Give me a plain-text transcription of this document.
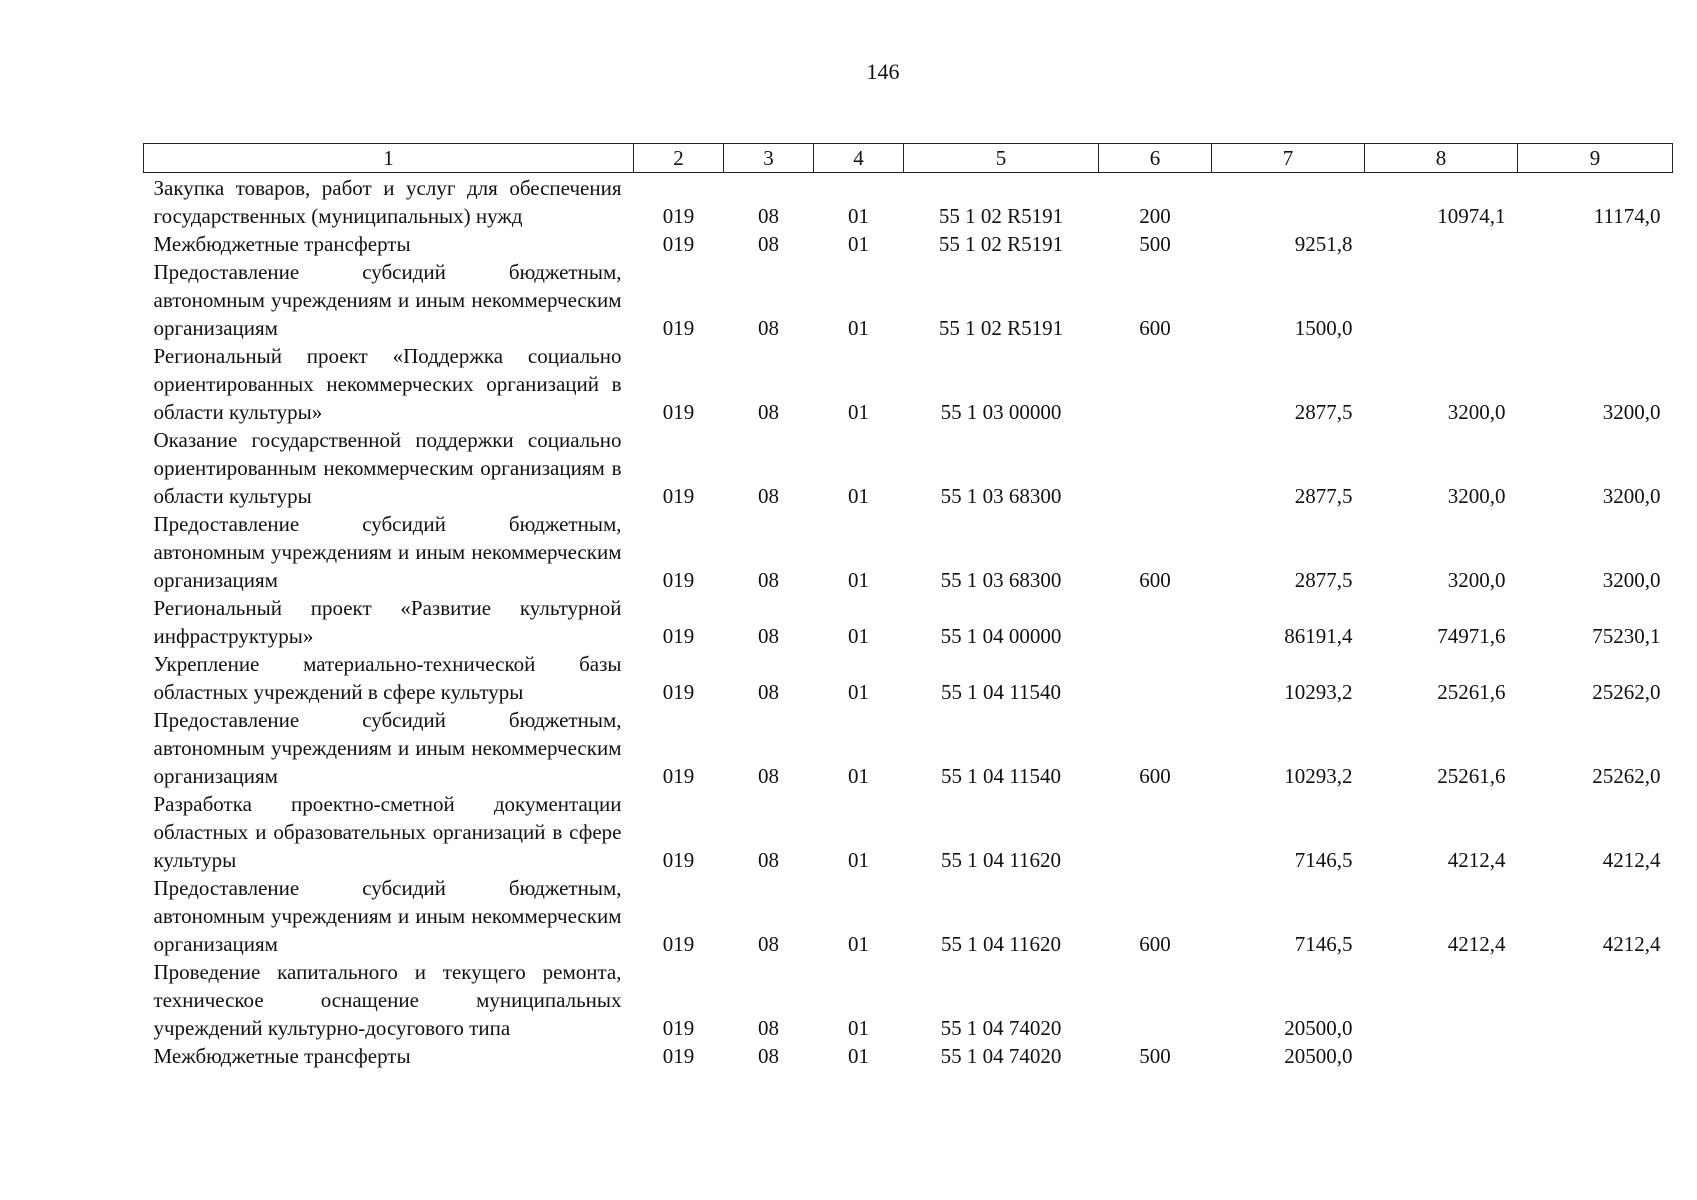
146
1	2	3	4	5	6	7	8	9
Закупка товаров, работ и услуг для обеспечения государственных (муниципальных) нужд	019	08	01	55 1 02 R5191	200		10974,1	11174,0
Межбюджетные трансферты	019	08	01	55 1 02 R5191	500	9251,8		
Предоставление субсидий бюджетным, автономным учреждениям и иным некоммерческим организациям	019	08	01	55 1 02 R5191	600	1500,0		
Региональный проект «Поддержка социально ориентированных некоммерческих организаций в области культуры»	019	08	01	55 1 03 00000		2877,5	3200,0	3200,0
Оказание государственной поддержки социально ориентированным некоммерческим организациям в области культуры	019	08	01	55 1 03 68300		2877,5	3200,0	3200,0
Предоставление субсидий бюджетным, автономным учреждениям и иным некоммерческим организациям	019	08	01	55 1 03 68300	600	2877,5	3200,0	3200,0
Региональный проект «Развитие культурной инфраструктуры»	019	08	01	55 1 04 00000		86191,4	74971,6	75230,1
Укрепление материально-технической базы областных учреждений в сфере культуры	019	08	01	55 1 04 11540		10293,2	25261,6	25262,0
Предоставление субсидий бюджетным, автономным учреждениям и иным некоммерческим организациям	019	08	01	55 1 04 11540	600	10293,2	25261,6	25262,0
Разработка проектно-сметной документации областных и образовательных организаций в сфере культуры	019	08	01	55 1 04 11620		7146,5	4212,4	4212,4
Предоставление субсидий бюджетным, автономным учреждениям и иным некоммерческим организациям	019	08	01	55 1 04 11620	600	7146,5	4212,4	4212,4
Проведение капитального и текущего ремонта, техническое оснащение муниципальных учреждений культурно-досугового типа	019	08	01	55 1 04 74020		20500,0		
Межбюджетные трансферты	019	08	01	55 1 04 74020	500	20500,0		
